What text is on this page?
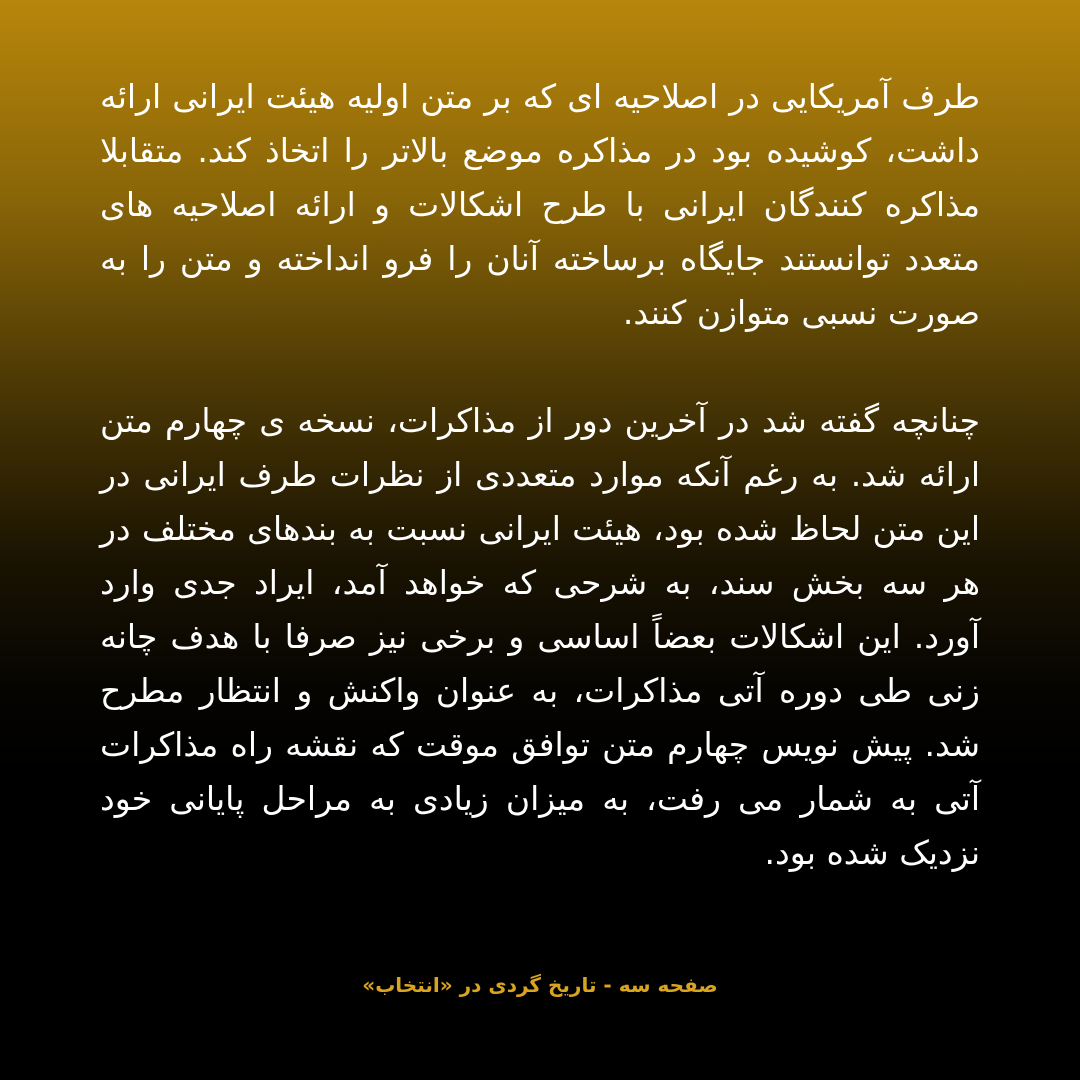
طرف آمریکایی در اصلاحیه ای که بر متن اولیه هیئت ایرانی ارائه داشت، کوشیده بود در مذاکره موضع بالاتر را اتخاذ کند. متقابلا مذاکره کنندگان ایرانی با طرح اشکالات و ارائه اصلاحیه های متعدد توانستند جایگاه برساخته آنان را فرو انداخته و متن را به صورت نسبی متوازن کنند.

چنانچه گفته شد در آخرین دور از مذاکرات، نسخه ی چهارم متن ارائه شد. به رغم آنکه موارد متعددی از نظرات طرف ایرانی در این متن لحاظ شده بود، هیئت ایرانی نسبت به بندهای مختلف در هر سه بخش سند، به شرحی که خواهد آمد، ایراد جدی وارد آورد. این اشکالات بعضاً اساسی و برخی نیز صرفا با هدف چانه زنی طی دوره آتی مذاکرات، به عنوان واکنش و انتظار مطرح شد. پیش نویس چهارم متن توافق موقت که نقشه راه مذاکرات آتی به شمار می رفت، به میزان زیادی به مراحل پایانی خود نزدیک شده بود.

صفحه سه - تاریخ گردی در «انتخاب»
